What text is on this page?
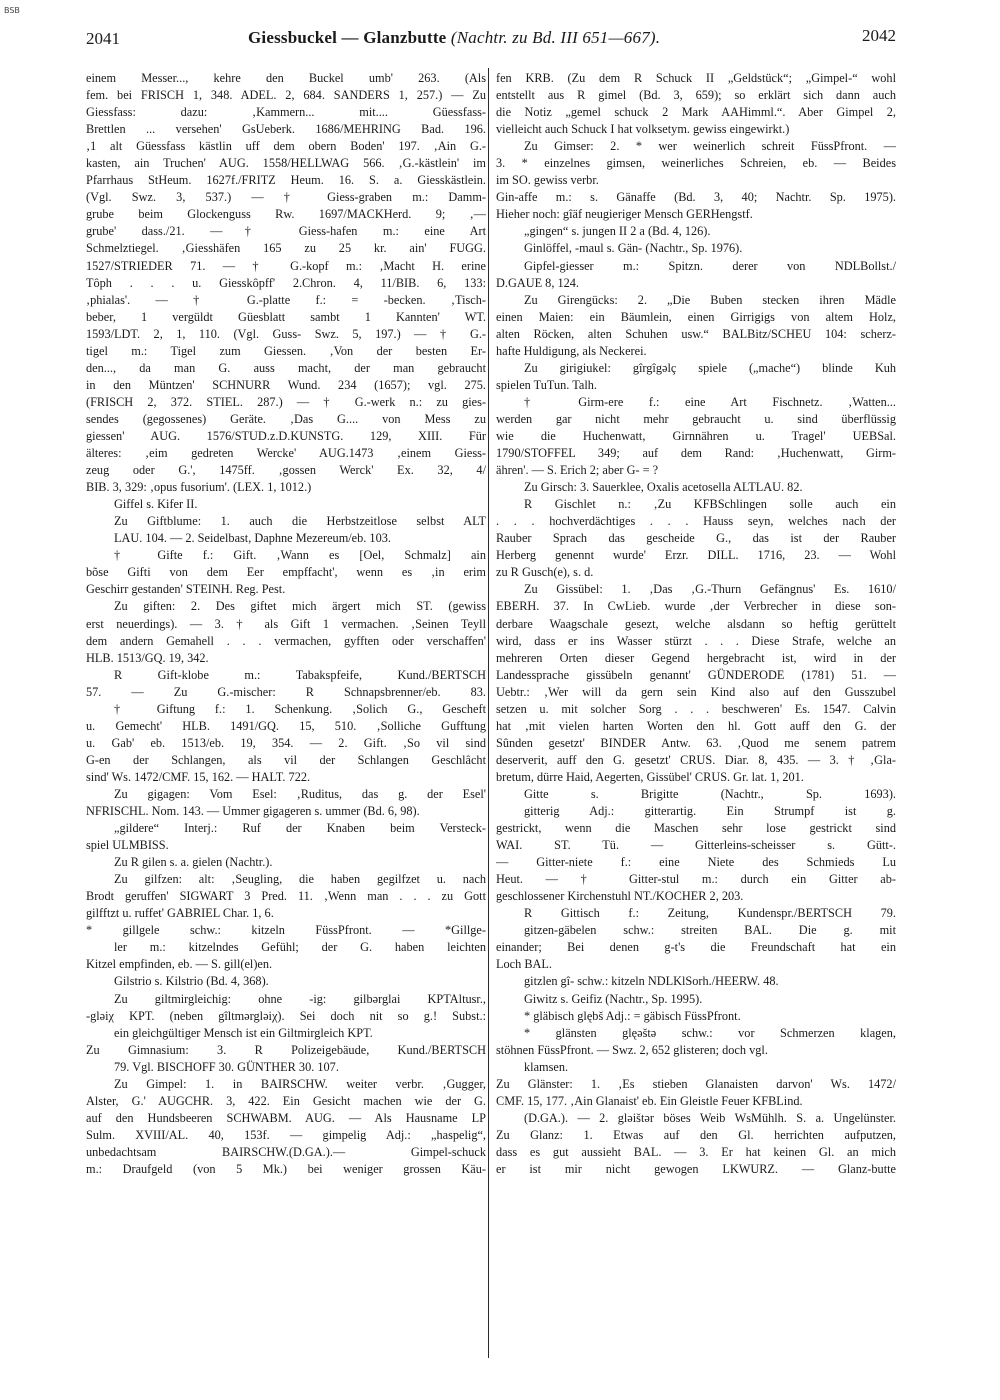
BSB
2041	Giessbuckel — Glanzbutte (Nachtr. zu Bd. III 651—667).	2042
einem Messer..., kehre den Buckel umb' 263. (Als
fem. bei FRISCH 1, 348. ADEL. 2, 684. SANDERS 1, 257.) — Zu
Giessfass: dazu: ‚Kammern... mit.... Güessfass-
Brettlen ... versehen' GsUeberk. 1686/MEHRING Bad. 196.
‚1 alt Güessfass kästlin uff dem obern Boden' 197. ‚Ain G.-
kasten, ain Truchen' AUG. 1558/HELLWAG 566. ‚G.-kästlein' im
Pfarrhaus StHeum. 1627f./FRITZ Heum. 16. S. a. Giesskästlein.
(Vgl. Swz. 3, 537.) — † Giess-graben m.: Damm-
grube beim Glockenguss Rw. 1697/MACKHerd. 9; ‚—
grube' dass./21. —† Giess-hafen m.: eine Art
Schmelztiegel. ‚Giesshäfen 165 zu 25 kr. ain' FUGG.
1527/STRIEDER 71. — † G.-kopf m.: ‚Macht H. erine
Tôph . . . u. Giesskôpff' 2.Chron. 4, 11/BIB. 6, 133:
‚phialas'. — † G.-platte f.: = -becken. ‚Tisch-
beber, 1 vergüldt Güesblatt sambt 1 Kannten' WT.
1593/LDT. 2, 1, 110. (Vgl. Guss- Swz. 5, 197.) — † G.-
tigel m.: Tigel zum Giessen. ‚Von der besten Er-
den..., da man G. auss macht, der man gebraucht
in den Müntzen' SCHNURR Wund. 234 (1657); vgl. 275.
(FRISCH 2, 372. STIEL. 287.) — † G.-werk n.: zu gies-
sendes (gegossenes) Geräte. ‚Das G.... von Mess zu
giessen' AUG. 1576/STUD.z.D.KUNSTG. 129, XIII. Für
älteres: ‚eim gedreten Wercke' AUG.1473 ‚einem Giess-
zeug oder G.', 1475ff. ‚gossen Werck' Ex. 32, 4/
BIB. 3, 329: ‚opus fusorium'. (LEX. 1, 1012.)
Giffel s. Kifer II.
Zu Giftblume: 1. auch die Herbstzeitlose selbst ALT
LAU. 104. — 2. Seidelbast, Daphne Mezereum/eb. 103.
† Gifte f.: Gift. ‚Wann es [Oel, Schmalz] ain
bõse Gifti von dem Eer empffacht', wenn es ‚in erim
Geschirr gestanden' STEINH. Reg. Pest.
Zu giften: 2. Des giftet mich ärgert mich ST. (gewiss
erst neuerdings). — 3. † als Gift 1 vermachen. ‚Seinen Teyll
dem andern Gemahell . . . vermachen, gyfften oder verschaffen'
HLB. 1513/GQ. 19, 342.
R Gift-klobe m.: Tabakspfeife, Kund./BERTSCH
57. — Zu G.-mischer: R Schnapsbrenner/eb. 83.
† Giftung f.: 1. Schenkung. ‚Solich G., Gescheft
u. Gemecht' HLB. 1491/GQ. 15, 510. ‚Solliche Gufftung
u. Gab' eb. 1513/eb. 19, 354. — 2. Gift. ‚So vil sind
G-en der Schlangen, als vil der Schlangen Geschlâcht
sind' Ws. 1472/CMF. 15, 162. — HALT. 722.
Zu gigagen: Vom Esel: ‚Ruditus, das g. der Esel'
NFRISCHL. Nom. 143. — Ummer gigageren s. ummer (Bd. 6, 98).
„gildere“ Interj.: Ruf der Knaben beim Versteck-
spiel ULMBISS.
Zu R gilen s. a. gielen (Nachtr.).
Zu gilfzen: alt: ‚Seugling, die haben gegilfzet u. nach
Brodt geruffen' SIGWART 3 Pred. 11. ‚Wenn man . . . zu Gott
gilfftzt u. ruffet' GABRIEL Char. 1, 6.
* gillgele schw.: kitzeln FüssPfront. — *Gillge-
ler m.: kitzelndes Gefühl; der G. haben leichten
Kitzel empfinden, eb. — S. gill(el)en.
Gilstrio s. Kilstrio (Bd. 4, 368).
Zu giltmirgleichig: ohne -ig: gilbərglai KPTAltusr.,
-gləiχ KPT. (neben gîltmərgləiχ). Sei doch nit so g.! Subst.:
ein gleichgültiger Mensch ist ein Giltmirgleich KPT.
Zu Gimnasium: 3. R Polizeigebäude, Kund./BERTSCH
79. Vgl. BISCHOFF 30. GÜNTHER 30. 107.
Zu Gimpel: 1. in BAIRSCHW. weiter verbr. ‚Gugger,
Alster, G.' AUGCHR. 3, 422. Ein Gesicht machen wie der G.
auf den Hundsbeeren SCHWABM. AUG. — Als Hausname LP
Sulm. XVIII/AL. 40, 153f. — gimpelig Adj.: „haspelig“,
unbedachtsam BAIRSCHW.(D.GA.).— Gimpel-schuck
m.: Draufgeld (von 5 Mk.) bei weniger grossen Käu-
fen KRB. (Zu dem R Schuck II „Geldstück“; „Gimpel-“ wohl
entstellt aus R gimel (Bd. 3, 659); so erklärt sich dann auch
die Notiz „gemel schuck 2 Mark AAHimml.“. Aber Gimpel 2,
vielleicht auch Schuck I hat volksetym. gewiss eingewirkt.)
Zu Gimser: 2. * wer weinerlich schreit FüssPfront. —
3. * einzelnes gimsen, weinerliches Schreien, eb. — Beides
im SO. gewiss verbr.
Gin-affe m.: s. Gänaffe (Bd. 3, 40; Nachtr. Sp. 1975).
Hieher noch: gîäf neugieriger Mensch GERHengstf.
„gingen“ s. jungen II 2 a (Bd. 4, 126).
Ginlöffel, -maul s. Gän- (Nachtr., Sp. 1976).
Gipfel-giesser m.: Spitzn. derer von NDLBollst./
D.GAUE 8, 124.
Zu Girengücks: 2. „Die Buben stecken ihren Mädle
einen Maien: ein Bäumlein, einen Girrigigs von altem Holz,
alten Röcken, alten Schuhen usw.“ BALBitz/SCHEU 104: scherz-
hafte Huldigung, als Neckerei.
Zu girigiukel: gîrgîgəlç spiele („mache“) blinde Kuh
spielen TuTun. Talh.
† Girm-ere f.: eine Art Fischnetz. ‚Watten...
werden gar nicht mehr gebraucht u. sind überflüssig
wie die Huchenwatt, Girnnähren u. Tragel' UEBSal.
1790/STOFFEL 349; auf dem Rand: ‚Huchenwatt, Girm-
ähren'. — S. Erich 2; aber G- = ?
Zu Girsch: 3. Sauerklee, Oxalis acetosella ALTLAU. 82.
R Gischlet n.: ‚Zu KFBSchlingen solle auch ein
. . . hochverdächtiges . . . Hauss seyn, welches nach der
Rauber Sprach das gescheide G., das ist der Rauber
Herberg genennt wurde' Erzr. DILL. 1716, 23. — Wohl
zu R Gusch(e), s. d.
Zu Gissübel: 1. ‚Das ‚G.-Thurn Gefängnus' Es. 1610/
EBERH. 37. In CwLieb. wurde ‚der Verbrecher in diese son-
derbare Waagschale gesezt, welche alsdann so heftig gerüttelt
wird, dass er ins Wasser stürzt . . . Diese Strafe, welche an
mehreren Orten dieser Gegend hergebracht ist, wird in der
Landessprache gissübeln genannt' GÜNDERODE (1781) 51. —
Uebtr.: ‚Wer will da gern sein Kind also auf den Gusszubel
setzen u. mit solcher Sorg . . . beschweren' Es. 1547. Calvin
hat ‚mit vielen harten Worten den hl. Gott auff den G. der
Sûnden gesetzt' BINDER Antw. 63. ‚Quod me senem patrem
deserverit, auff den G. gesetzt' CRUS. Diar. 8, 435. — 3. † ‚Gla-
bretum, dürre Haid, Aegerten, Gissübel' CRUS. Gr. lat. 1, 201.
Gitte s. Brigitte (Nachtr., Sp. 1693).
gitterig Adj.: gitterartig. Ein Strumpf ist g.
gestrickt, wenn die Maschen sehr lose gestrickt sind
WAI. ST. Tü. — Gitterleins-scheisser s. Gütt-.
— Gitter-niete f.: eine Niete des Schmieds Lu
Heut. — † Gitter-stul m.: durch ein Gitter ab-
geschlossener Kirchenstuhl NT./KOCHER 2, 203.
R Gittisch f.: Zeitung, Kundenspr./BERTSCH 79.
gitzen-gäbelen schw.: streiten BAL. Die g. mit
einander; Bei denen g-t's die Freundschaft hat ein
Loch BAL.
gitzlen gî- schw.: kitzeln NDLKlSorh./HEERW. 48.
Giwitz s. Geifiz (Nachtr., Sp. 1995).
* gläbisch glębš Adj.: = gäbisch FüssPfront.
* glänsten glęəštə schw.: vor Schmerzen klagen,
stöhnen FüssPfront. — Swz. 2, 652 glisteren; doch vgl.
klamsen.
Zu Glänster: 1. ‚Es stieben Glanaisten darvon' Ws. 1472/
CMF. 15, 177. ‚Ain Glanaist' eb. Ein Gleistle Feuer KFBLind.
(D.GA.). — 2. gləištər böses Weib WsMühlh. S. a. Ungelünster.
Zu Glanz: 1. Etwas auf den Gl. herrichten aufputzen,
dass es gut aussieht BAL. — 3. Er hat keinen Gl. an mich
er ist mir nicht gewogen LKWURZ. — Glanz-butte
